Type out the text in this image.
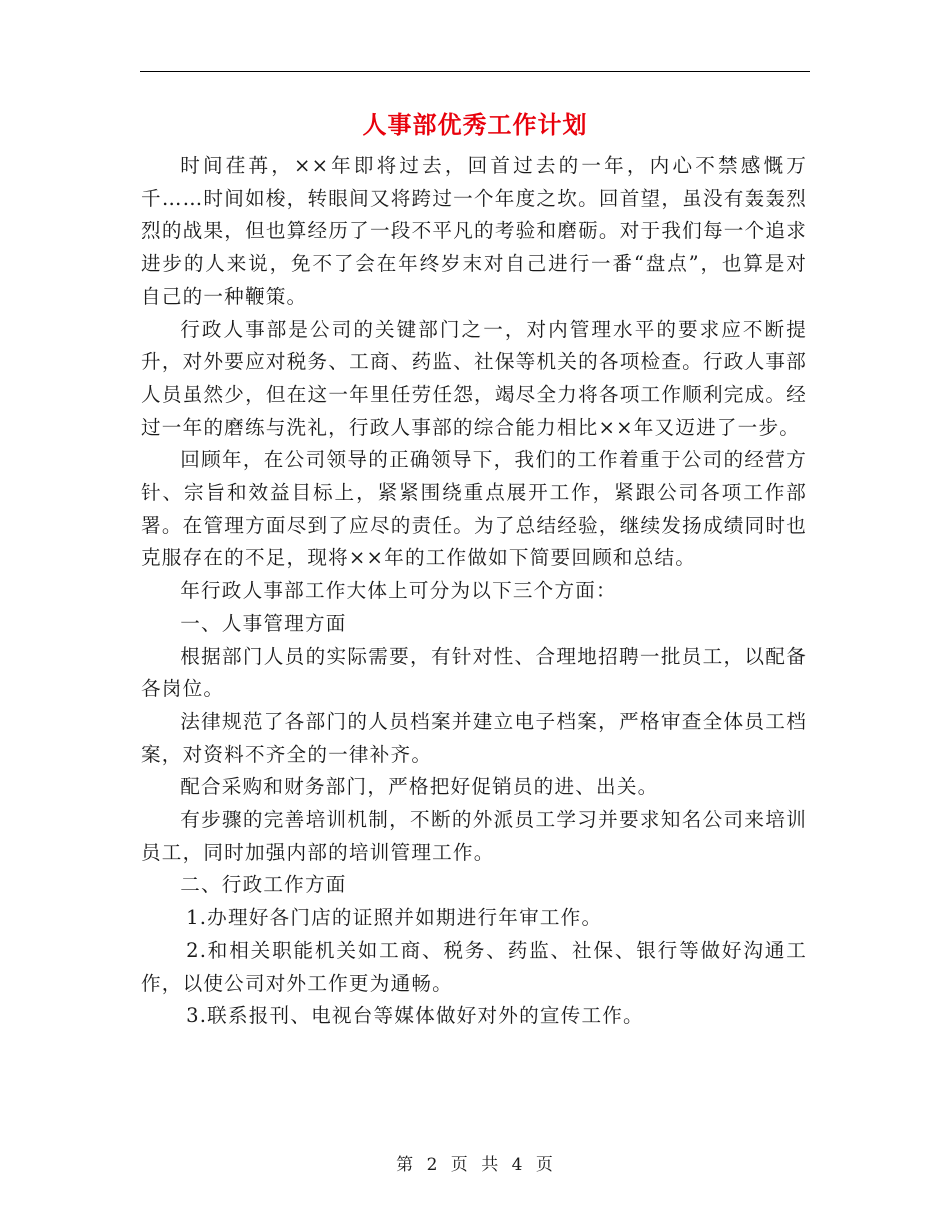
人事部优秀工作计划

时间荏苒，××年即将过去，回首过去的一年，内心不禁感慨万千……时间如梭，转眼间又将跨过一个年度之坎。回首望，虽没有轰轰烈烈的战果，但也算经历了一段不平凡的考验和磨砺。对于我们每一个追求进步的人来说，免不了会在年终岁末对自己进行一番“盘点”，也算是对自己的一种鞭策。

行政人事部是公司的关键部门之一，对内管理水平的要求应不断提升，对外要应对税务、工商、药监、社保等机关的各项检查。行政人事部人员虽然少，但在这一年里任劳任怨，竭尽全力将各项工作顺利完成。经过一年的磨练与洗礼，行政人事部的综合能力相比××年又迈进了一步。

回顾年，在公司领导的正确领导下，我们的工作着重于公司的经营方针、宗旨和效益目标上，紧紧围绕重点展开工作，紧跟公司各项工作部署。在管理方面尽到了应尽的责任。为了总结经验，继续发扬成绩同时也克服存在的不足，现将××年的工作做如下简要回顾和总结。

年行政人事部工作大体上可分为以下三个方面：

一、人事管理方面

根据部门人员的实际需要，有针对性、合理地招聘一批员工，以配备各岗位。

法律规范了各部门的人员档案并建立电子档案，严格审查全体员工档案，对资料不齐全的一律补齐。

配合采购和财务部门，严格把好促销员的进、出关。

有步骤的完善培训机制，不断的外派员工学习并要求知名公司来培训员工，同时加强内部的培训管理工作。

二、行政工作方面

1.办理好各门店的证照并如期进行年审工作。

2.和相关职能机关如工商、税务、药监、社保、银行等做好沟通工作，以使公司对外工作更为通畅。

3.联系报刊、电视台等媒体做好对外的宣传工作。

第 2 页 共 4 页
